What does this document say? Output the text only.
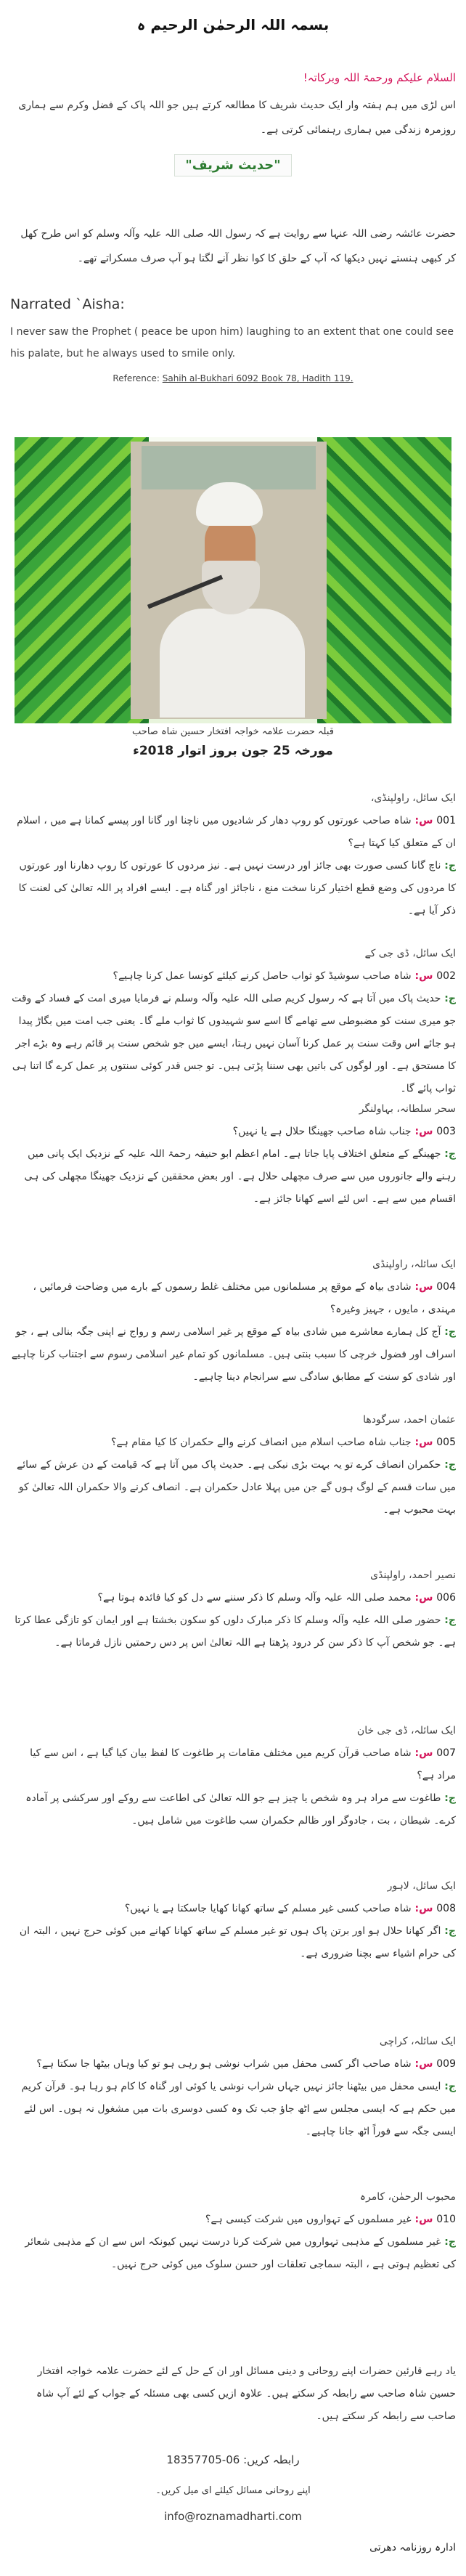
بسمہ اللہ الرحمٰن الرحیم ہ
السلام علیکم ورحمۃ اللہ وبرکاتہ!
اس لڑی میں ہم ہفتہ وار ایک حدیث شریف کا مطالعہ کرتے ہیں جو اللہ پاک کے فضل وکرم سے ہماری روزمرہ زندگی میں ہماری رہنمائی کرتی ہے۔
"حدیث شریف"
حضرت عائشہ رضی اللہ عنہا سے روایت ہے کہ رسول اللہ صلی اللہ علیہ وآلہ وسلم کو اس طرح کھل کر کبھی ہنستے نہیں دیکھا کہ آپ کے حلق کا کوا نظر آنے لگتا ہو آپ صرف مسکراتے تھے۔
Narrated `Aisha:
I never saw the Prophet ( peace be upon him) laughing to an extent that one could see his palate, but he always used to smile only.
Reference: Sahih al-Bukhari 6092 Book 78, Hadith 119.
قبلہ حضرت علامہ خواجہ افتخار حسین شاہ صاحب
مورخہ 25 جون بروز اتوار 2018ء
ایک سائل، راولپنڈی،
001 س: شاہ صاحب عورتوں کو روپ دھار کر شادیوں میں ناچنا اور گانا اور پیسے کمانا ہے میں ، اسلام ان کے متعلق کیا کہتا ہے؟
ج: ناچ گانا کسی صورت بھی جائز اور درست نہیں ہے۔ نیز مردوں کا عورتوں کا روپ دھارنا اور عورتوں کا مردوں کی وضع قطع اختیار کرنا سخت منع ، ناجائز اور گناہ ہے۔ ایسے افراد پر اللہ تعالیٰ کی لعنت کا ذکر آیا ہے۔
ایک سائل، ڈی جی کے
002 س: شاہ صاحب سوشیڈ کو ثواب حاصل کرنے کیلئے کونسا عمل کرنا چاہیے؟
ج: حدیث پاک میں آتا ہے کہ رسول کریم صلی اللہ علیہ وآلہ وسلم نے فرمایا میری امت کے فساد کے وقت جو میری سنت کو مضبوطی سے تھامے گا اسے سو شہیدوں کا ثواب ملے گا۔ یعنی جب امت میں بگاڑ پیدا ہو جائے اس وقت سنت پر عمل کرنا آسان نہیں رہتا، ایسے میں جو شخص سنت پر قائم رہے وہ بڑے اجر کا مستحق ہے۔ اور لوگوں کی باتیں بھی سننا پڑتی ہیں۔ تو جس قدر کوئی سنتوں پر عمل کرے گا اتنا ہی ثواب پائے گا۔
سحر سلطانہ، بہاولنگر
003 س: جناب شاہ صاحب جھینگا حلال ہے یا نہیں؟
ج: جھینگے کے متعلق اختلاف پایا جاتا ہے۔ امام اعظم ابو حنیفہ رحمۃ اللہ علیہ کے نزدیک ایک پانی میں رہنے والے جانوروں میں سے صرف مچھلی حلال ہے۔ اور بعض محققین کے نزدیک جھینگا مچھلی کی ہی اقسام میں سے ہے۔ اس لئے اسے کھانا جائز ہے۔
ایک سائلہ، راولپنڈی
004 س: شادی بیاہ کے موقع پر مسلمانوں میں مختلف غلط رسموں کے بارے میں وضاحت فرمائیں ، مہندی ، مایوں ، جہیز وغیرہ؟
ج: آج کل ہمارے معاشرے میں شادی بیاہ کے موقع پر غیر اسلامی رسم و رواج نے اپنی جگہ بنالی ہے ، جو اسراف اور فضول خرچی کا سبب بنتی ہیں۔ مسلمانوں کو تمام غیر اسلامی رسوم سے اجتناب کرنا چاہیے اور شادی کو سنت کے مطابق سادگی سے سرانجام دینا چاہیے۔
عثمان احمد، سرگودھا
005 س: جناب شاہ صاحب اسلام میں انصاف کرنے والے حکمران کا کیا مقام ہے؟
ج: حکمران انصاف کرے تو یہ بہت بڑی نیکی ہے۔ حدیث پاک میں آتا ہے کہ قیامت کے دن عرش کے سائے میں سات قسم کے لوگ ہوں گے جن میں پہلا عادل حکمران ہے۔ انصاف کرنے والا حکمران اللہ تعالیٰ کو بہت محبوب ہے۔
نصیر احمد، راولپنڈی
006 س: محمد صلی اللہ علیہ وآلہ وسلم کا ذکر سننے سے دل کو کیا فائدہ ہوتا ہے؟
ج: حضور صلی اللہ علیہ وآلہ وسلم کا ذکر مبارک دلوں کو سکون بخشتا ہے اور ایمان کو تازگی عطا کرتا ہے۔ جو شخص آپ کا ذکر سن کر درود پڑھتا ہے اللہ تعالیٰ اس پر دس رحمتیں نازل فرماتا ہے۔
ایک سائلہ، ڈی جی خان
007 س: شاہ صاحب قرآن کریم میں مختلف مقامات پر طاغوت کا لفظ بیان کیا گیا ہے ، اس سے کیا مراد ہے؟
ج: طاغوت سے مراد ہر وہ شخص یا چیز ہے جو اللہ تعالیٰ کی اطاعت سے روکے اور سرکشی پر آمادہ کرے۔ شیطان ، بت ، جادوگر اور ظالم حکمران سب طاغوت میں شامل ہیں۔
ایک سائل، لاہور
008 س: شاہ صاحب کسی غیر مسلم کے ساتھ کھانا کھایا جاسکتا ہے یا نہیں؟
ج: اگر کھانا حلال ہو اور برتن پاک ہوں تو غیر مسلم کے ساتھ کھانا کھانے میں کوئی حرج نہیں ، البتہ ان کی حرام اشیاء سے بچنا ضروری ہے۔
ایک سائلہ، کراچی
009 س: شاہ صاحب اگر کسی محفل میں شراب نوشی ہو رہی ہو تو کیا وہاں بیٹھا جا سکتا ہے؟
ج: ایسی محفل میں بیٹھنا جائز نہیں جہاں شراب نوشی یا کوئی اور گناہ کا کام ہو رہا ہو۔ قرآن کریم میں حکم ہے کہ ایسی مجلس سے اٹھ جاؤ جب تک وہ کسی دوسری بات میں مشغول نہ ہوں۔ اس لئے ایسی جگہ سے فوراً اٹھ جانا چاہیے۔
محبوب الرحمٰن، کامرہ
010 س: غیر مسلموں کے تہواروں میں شرکت کیسی ہے؟
ج: غیر مسلموں کے مذہبی تہواروں میں شرکت کرنا درست نہیں کیونکہ اس سے ان کے مذہبی شعائر کی تعظیم ہوتی ہے ، البتہ سماجی تعلقات اور حسن سلوک میں کوئی حرج نہیں۔
یاد رہے قارئین حضرات اپنے روحانی و دینی مسائل اور ان کے حل کے لئے حضرت علامہ خواجہ افتخار حسین شاہ صاحب سے رابطہ کر سکتے ہیں۔ علاوہ ازیں کسی بھی مسئلہ کے جواب کے لئے آپ شاہ صاحب سے رابطہ کر سکتے ہیں۔
رابطہ کریں: 06-18357705
اپنے روحانی مسائل کیلئے ای میل کریں۔
info@roznamadharti.com
ادارہ روزنامہ دھرتی
